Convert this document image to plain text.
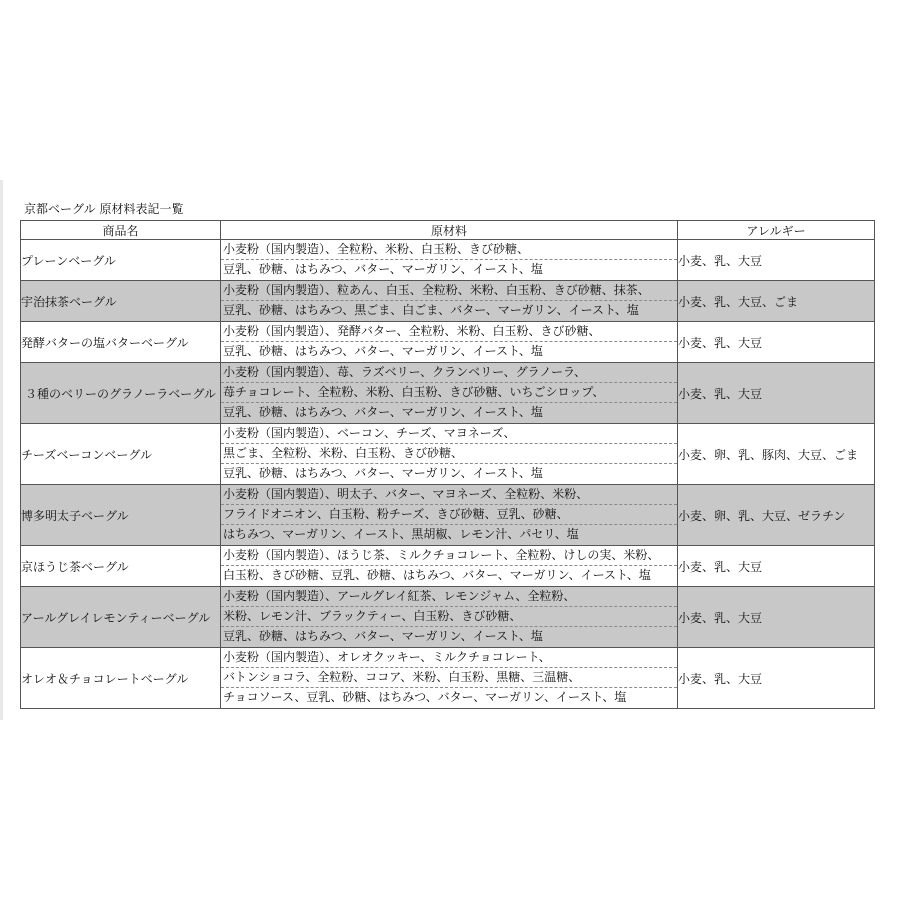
京都ベーグル 原材料表記一覧
商品名	原材料	アレルギー
プレーンベーグル	小麦粉（国内製造）、全粒粉、米粉、白玉粉、きび砂糖、
豆乳、砂糖、はちみつ、バター、マーガリン、イースト、塩	小麦、乳、大豆
宇治抹茶ベーグル	小麦粉（国内製造）、粒あん、白玉、全粒粉、米粉、白玉粉、きび砂糖、抹茶、
豆乳、砂糖、はちみつ、黒ごま、白ごま、バター、マーガリン、イースト、塩	小麦、乳、大豆、ごま
発酵バターの塩バターベーグル	小麦粉（国内製造）、発酵バター、全粒粉、米粉、白玉粉、きび砂糖、
豆乳、砂糖、はちみつ、バター、マーガリン、イースト、塩	小麦、乳、大豆
３種のベリーのグラノーラベーグル	小麦粉（国内製造）、苺、ラズベリー、クランベリー、グラノーラ、
苺チョコレート、全粒粉、米粉、白玉粉、きび砂糖、いちごシロップ、
豆乳、砂糖、はちみつ、バター、マーガリン、イースト、塩	小麦、乳、大豆
チーズベーコンベーグル	小麦粉（国内製造）、ベーコン、チーズ、マヨネーズ、
黒ごま、全粒粉、米粉、白玉粉、きび砂糖、
豆乳、砂糖、はちみつ、バター、マーガリン、イースト、塩	小麦、卵、乳、豚肉、大豆、ごま
博多明太子ベーグル	小麦粉（国内製造）、明太子、バター、マヨネーズ、全粒粉、米粉、
フライドオニオン、白玉粉、粉チーズ、きび砂糖、豆乳、砂糖、
はちみつ、マーガリン、イースト、黒胡椒、レモン汁、パセリ、塩	小麦、卵、乳、大豆、ゼラチン
京ほうじ茶ベーグル	小麦粉（国内製造）、ほうじ茶、ミルクチョコレート、全粒粉、けしの実、米粉、
白玉粉、きび砂糖、豆乳、砂糖、はちみつ、バター、マーガリン、イースト、塩	小麦、乳、大豆
アールグレイレモンティーベーグル	小麦粉（国内製造）、アールグレイ紅茶、レモンジャム、全粒粉、
米粉、レモン汁、ブラックティー、白玉粉、きび砂糖、
豆乳、砂糖、はちみつ、バター、マーガリン、イースト、塩	小麦、乳、大豆
オレオ＆チョコレートベーグル	小麦粉（国内製造）、オレオクッキー、ミルクチョコレート、
バトンショコラ、全粒粉、ココア、米粉、白玉粉、黒糖、三温糖、
チョコソース、豆乳、砂糖、はちみつ、バター、マーガリン、イースト、塩	小麦、乳、大豆
